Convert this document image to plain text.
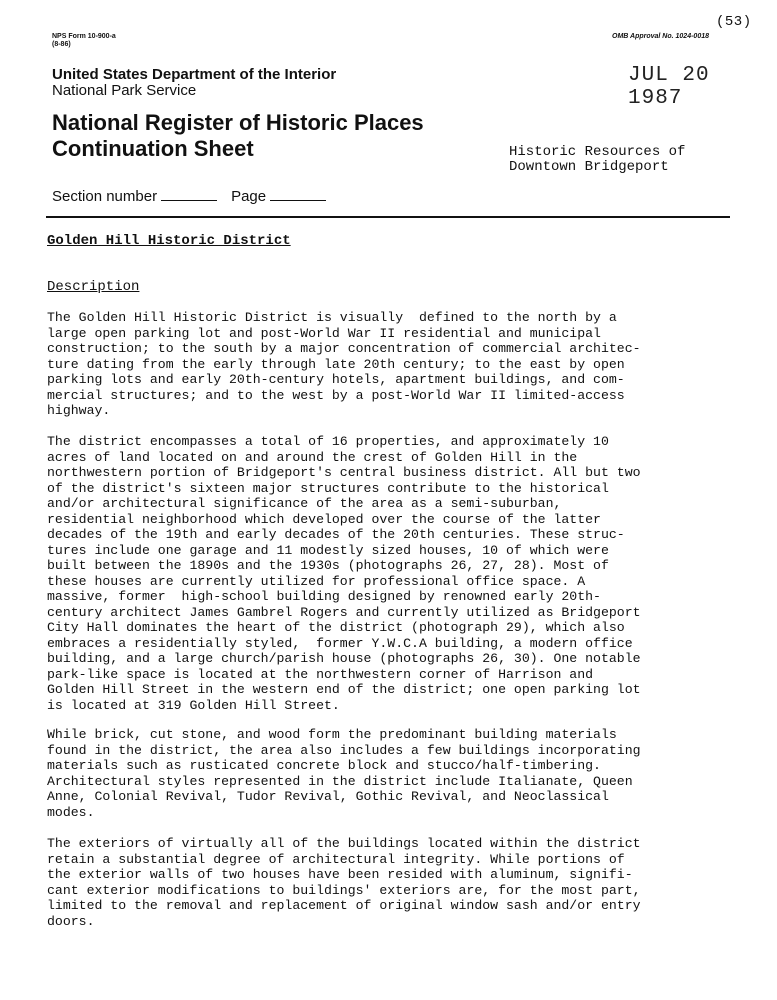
(53)
NPS Form 10-900-a
(8-86)
OMB Approval No. 1024-0018
JUL 20 1987
United States Department of the Interior
National Park Service
National Register of Historic Places
Continuation Sheet	Historic Resources of
Downtown Bridgeport
Section number	Page
Golden Hill Historic District
Description
The Golden Hill Historic District is visually  defined to the north by a
large open parking lot and post-World War II residential and municipal
construction; to the south by a major concentration of commercial architec-
ture dating from the early through late 20th century; to the east by open
parking lots and early 20th-century hotels, apartment buildings, and com-
mercial structures; and to the west by a post-World War II limited-access
highway.
The district encompasses a total of 16 properties, and approximately 10
acres of land located on and around the crest of Golden Hill in the
northwestern portion of Bridgeport's central business district. All but two
of the district's sixteen major structures contribute to the historical
and/or architectural significance of the area as a semi-suburban,
residential neighborhood which developed over the course of the latter
decades of the 19th and early decades of the 20th centuries. These struc-
tures include one garage and 11 modestly sized houses, 10 of which were
built between the 1890s and the 1930s (photographs 26, 27, 28). Most of
these houses are currently utilized for professional office space. A
massive, former  high-school building designed by renowned early 20th-
century architect James Gambrel Rogers and currently utilized as Bridgeport
City Hall dominates the heart of the district (photograph 29), which also
embraces a residentially styled,  former Y.W.C.A building, a modern office
building, and a large church/parish house (photographs 26, 30). One notable
park-like space is located at the northwestern corner of Harrison and
Golden Hill Street in the western end of the district; one open parking lot
is located at 319 Golden Hill Street.
While brick, cut stone, and wood form the predominant building materials
found in the district, the area also includes a few buildings incorporating
materials such as rusticated concrete block and stucco/half-timbering.
Architectural styles represented in the district include Italianate, Queen
Anne, Colonial Revival, Tudor Revival, Gothic Revival, and Neoclassical
modes.
The exteriors of virtually all of the buildings located within the district
retain a substantial degree of architectural integrity. While portions of
the exterior walls of two houses have been resided with aluminum, signifi-
cant exterior modifications to buildings' exteriors are, for the most part,
limited to the removal and replacement of original window sash and/or entry
doors.
